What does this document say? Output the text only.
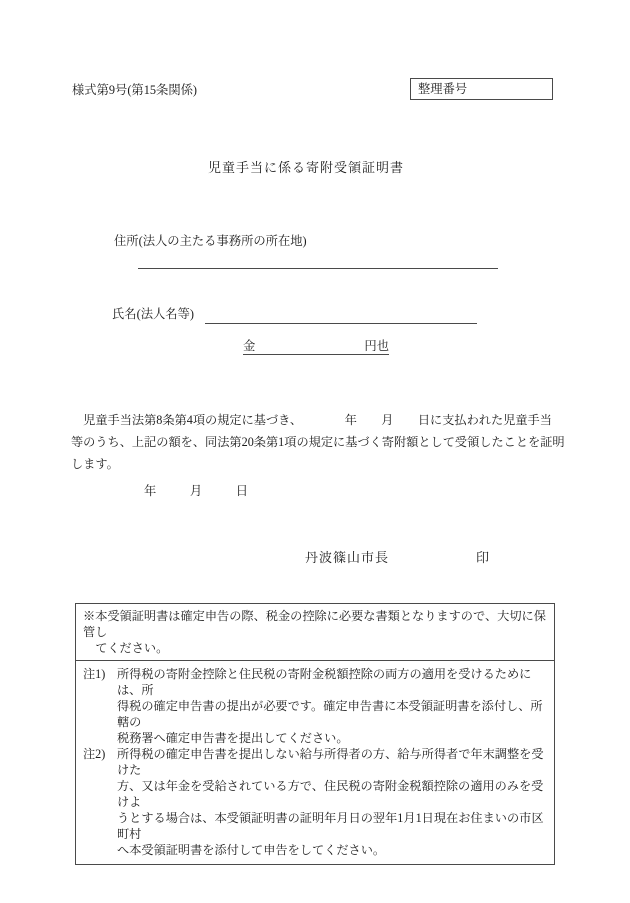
様式第9号(第15条関係)	整理番号
児童手当に係る寄附受領証明書
住所(法人の主たる事務所の所在地)
氏名(法人名等)
金	円也
　児童手当法第8条第4項の規定に基づき、　　　　年　　月　　日に支払われた児童手当
等のうち、上記の額を、同法第20条第1項の規定に基づく寄附額として受領したことを証明
します。
年　　月　　日
丹波篠山市長	印
※本受領証明書は確定申告の際、税金の控除に必要な書類となりますので、大切に保管し
てください。
注1) 所得税の寄附金控除と住民税の寄附金税額控除の両方の適用を受けるためには、所
得税の確定申告書の提出が必要です。確定申告書に本受領証明書を添付し、所轄の
税務署へ確定申告書を提出してください。
注2) 所得税の確定申告書を提出しない給与所得者の方、給与所得者で年末調整を受けた
方、又は年金を受給されている方で、住民税の寄附金税額控除の適用のみを受けよ
うとする場合は、本受領証明書の証明年月日の翌年1月1日現在お住まいの市区町村
へ本受領証明書を添付して申告をしてください。
